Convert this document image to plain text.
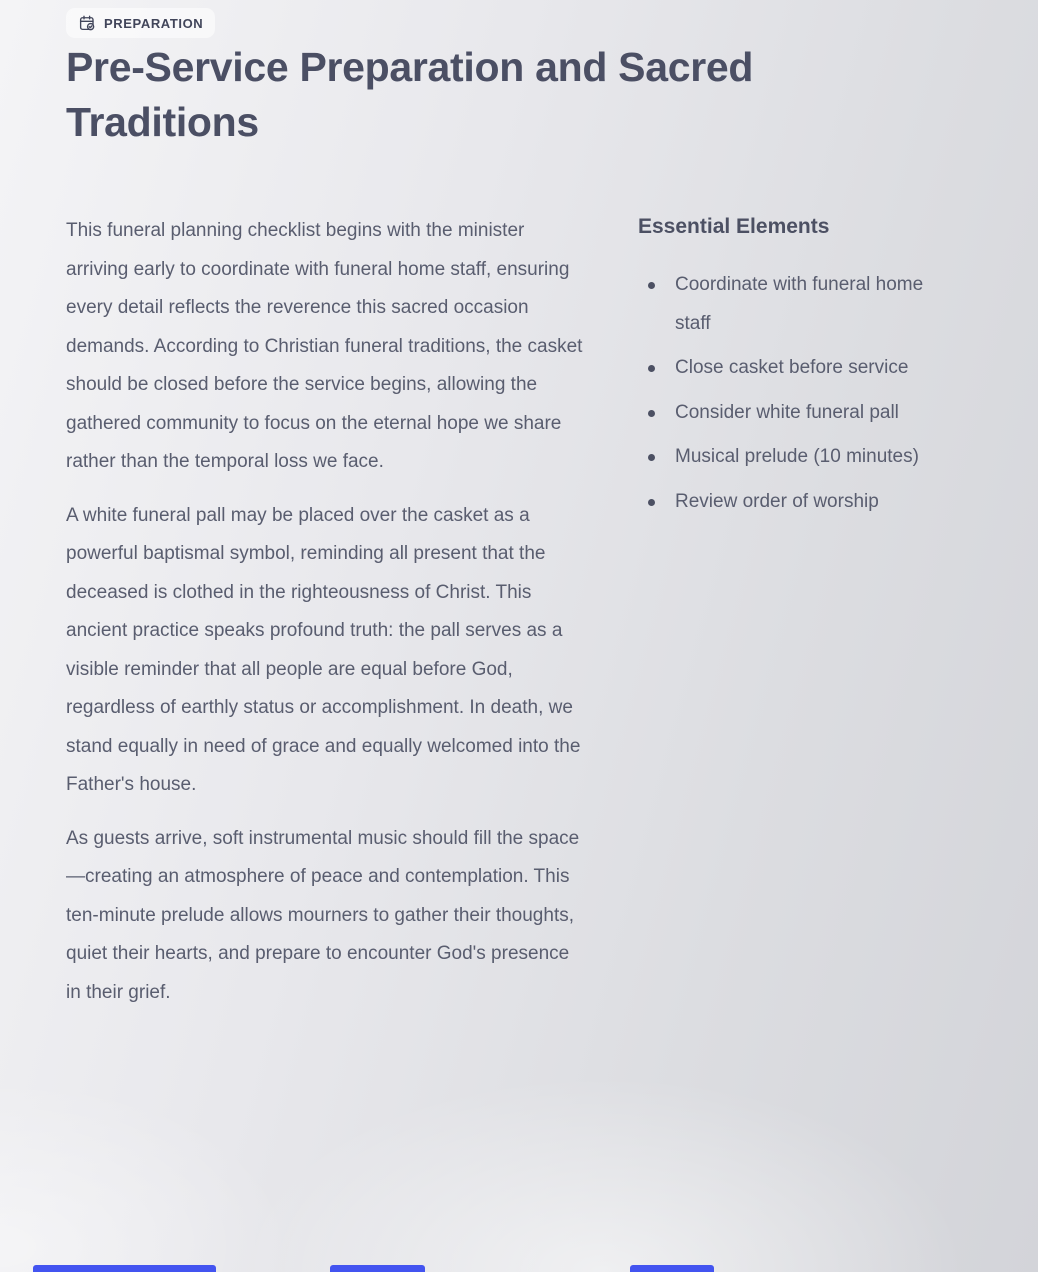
PREPARATION
Pre-Service Preparation and Sacred Traditions

This funeral planning checklist begins with the minister arriving early to coordinate with funeral home staff, ensuring every detail reflects the reverence this sacred occasion demands. According to Christian funeral traditions, the casket should be closed before the service begins, allowing the gathered community to focus on the eternal hope we share rather than the temporal loss we face.

A white funeral pall may be placed over the casket as a powerful baptismal symbol, reminding all present that the deceased is clothed in the righteousness of Christ. This ancient practice speaks profound truth: the pall serves as a visible reminder that all people are equal before God, regardless of earthly status or accomplishment. In death, we stand equally in need of grace and equally welcomed into the Father's house.

As guests arrive, soft instrumental music should fill the space—creating an atmosphere of peace and contemplation. This ten-minute prelude allows mourners to gather their thoughts, quiet their hearts, and prepare to encounter God's presence in their grief.

Essential Elements
Coordinate with funeral home staff
Close casket before service
Consider white funeral pall
Musical prelude (10 minutes)
Review order of worship
